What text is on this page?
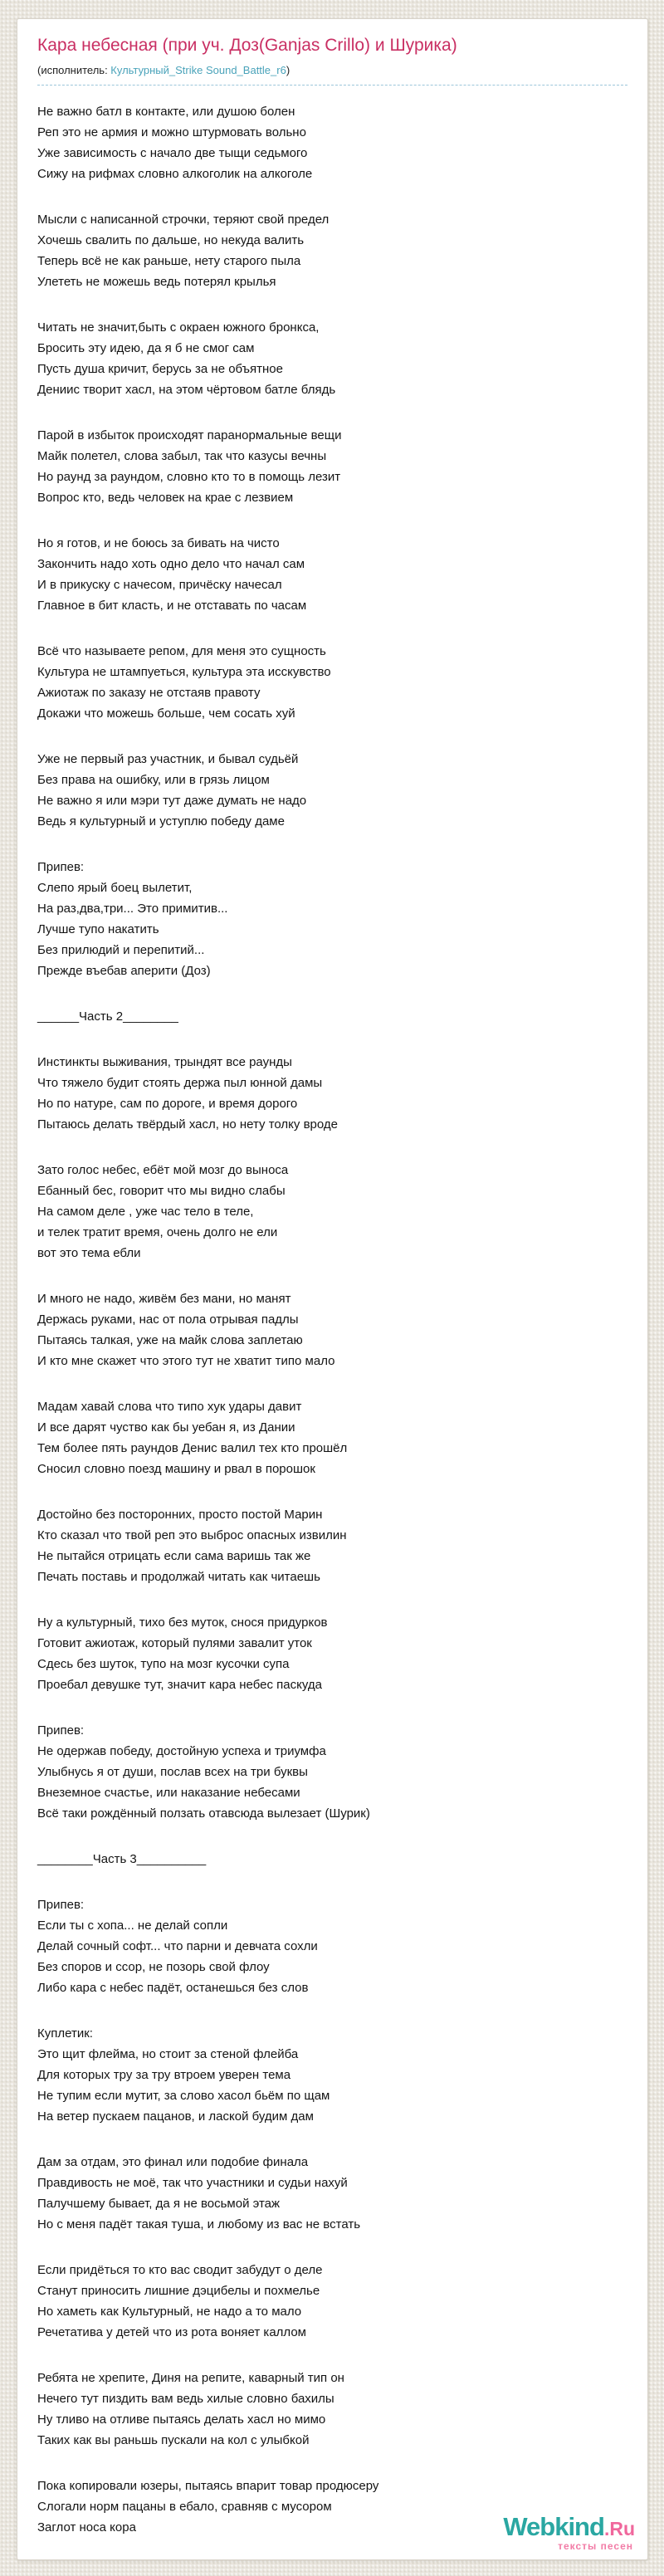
Кара небесная (при уч. Доз(Ganjas Crillo) и Шурика)
(исполнитель: Культурный_Strike Sound_Battle_r6)

Не важно батл в контакте, или душою болен
Реп это не армия и можно штурмовать вольно
Уже зависимость с начало две тыщи седьмого
Сижу на рифмах словно алкоголик на алкоголе

Мысли с написанной строчки, теряют свой предел
Хочешь свалить по дальше, но некуда валить
Теперь всё не как раньше, нету старого пыла
Улететь не можешь ведь потерял крылья

Читать не значит,быть с окраен южного бронкса,
Бросить эту идею, да я б не смог сам
Пусть душа кричит, берусь за не объятное
Дениис творит хасл, на этом чёртовом батле блядь

Парой в избыток происходят паранормальные вещи
Майк полетел, слова забыл, так что казусы вечны
Но раунд за раундом, словно кто то в помощь лезит
Вопрос кто, ведь человек на крае с лезвием

Но я готов, и не боюсь за бивать на чисто
Закончить надо хоть одно дело что начал сам
И в прикуску с начесом, причёску начесал
Главное в бит класть, и не отставать по часам

Всё что называете репом, для меня это сущность
Культура не штампуеться, культура эта исскувство
Ажиотаж по заказу не отстаяв правоту
Докажи что можешь больше, чем сосать хуй

Уже не первый раз участник, и бывал судьёй
Без права на ошибку, или в грязь лицом
Не важно я или мэри тут даже думать не надо
Ведь я культурный и уступлю победу даме

Припев:
Слепо ярый боец вылетит,
На раз,два,три... Это примитив...
Лучше тупо накатить
Без прилюдий и перепитий...
Прежде въебав аперити (Доз)

______Часть 2________

Инстинкты выживания, трындят все раунды
Что тяжело будит стоять держа пыл юнной дамы
Но по натуре, сам по дороге, и время дорого
Пытаюсь делать твёрдый хасл, но нету толку вроде

Зато голос небес, ебёт мой мозг до выноса
Ебанный бес, говорит что мы видно слабы
На самом деле , уже час тело в теле,
и телек тратит время, очень долго не ели
вот это тема ебли

И много не надо, живём без мани, но манят
Держась руками, нас от пола отрывая падлы
Пытаясь талкая, уже на майк слова заплетаю
И кто мне скажет что этого тут не хватит типо мало

Мадам хавай слова что типо хук удары давит
И все дарят чуство как бы уебан я, из Дании
Тем более пять раундов Денис валил тех кто прошёл
Сносил словно поезд машину и рвал в порошок

Достойно без посторонних, просто постой Марин
Кто сказал что твой реп это выброс опасных извилин
Не пытайся отрицать если сама варишь так же
Печать поставь и продолжай читать как читаешь

Ну а культурный, тихо без муток, снося придурков
Готовит ажиотаж, который пулями завалит уток
Сдесь без шуток, тупо на мозг кусочки супа
Проебал девушке тут, значит кара небес паскуда

Припев:
Не одержав победу, достойную успеха и триумфа
Улыбнусь я от души, послав всех на три буквы
Внеземное счастье, или наказание небесами
Всё таки рождённый ползать отавсюда вылезает (Шурик)

________Часть 3__________

Припев:
Если ты с хопа... не делай сопли
Делай сочный софт... что парни и девчата сохли
Без споров и ссор, не позорь свой флоу
Либо кара с небес падёт, останешься без слов

Куплетик:
Это щит флейма, но стоит за стеной флейба
Для которых тру за тру втроем уверен тема
Не тупим если мутит, за слово хасол бьём по щам
На ветер пускаем пацанов, и лаской будим дам

Дам за отдам, это финал или подобие финала
Правдивость не моё, так что участники и судьи нахуй
Палучшему бывает, да я не восьмой этаж
Но с меня падёт такая туша, и любому из вас не встать

Если придёться то кто вас сводит забудут о деле
Станут приносить лишние дэцибелы и похмелье
Но хаметь как Культурный, не надо а то мало
Речетатива у детей что из рота воняет каллом

Ребята не хрепите, Диня на репите, каварный тип он
Нечего тут пиздить вам ведь хилые словно бахилы
Ну тливо на отливе пытаясь делать хасл но мимо
Таких как вы раньшь пускали на кол с улыбкой

Пока копировали юзеры, пытаясь впарит товар продюсеру
Слогали норм пацаны в ебало, сравняв с мусором
Заглот носа кора	Webkind.Ru
тексты песен
